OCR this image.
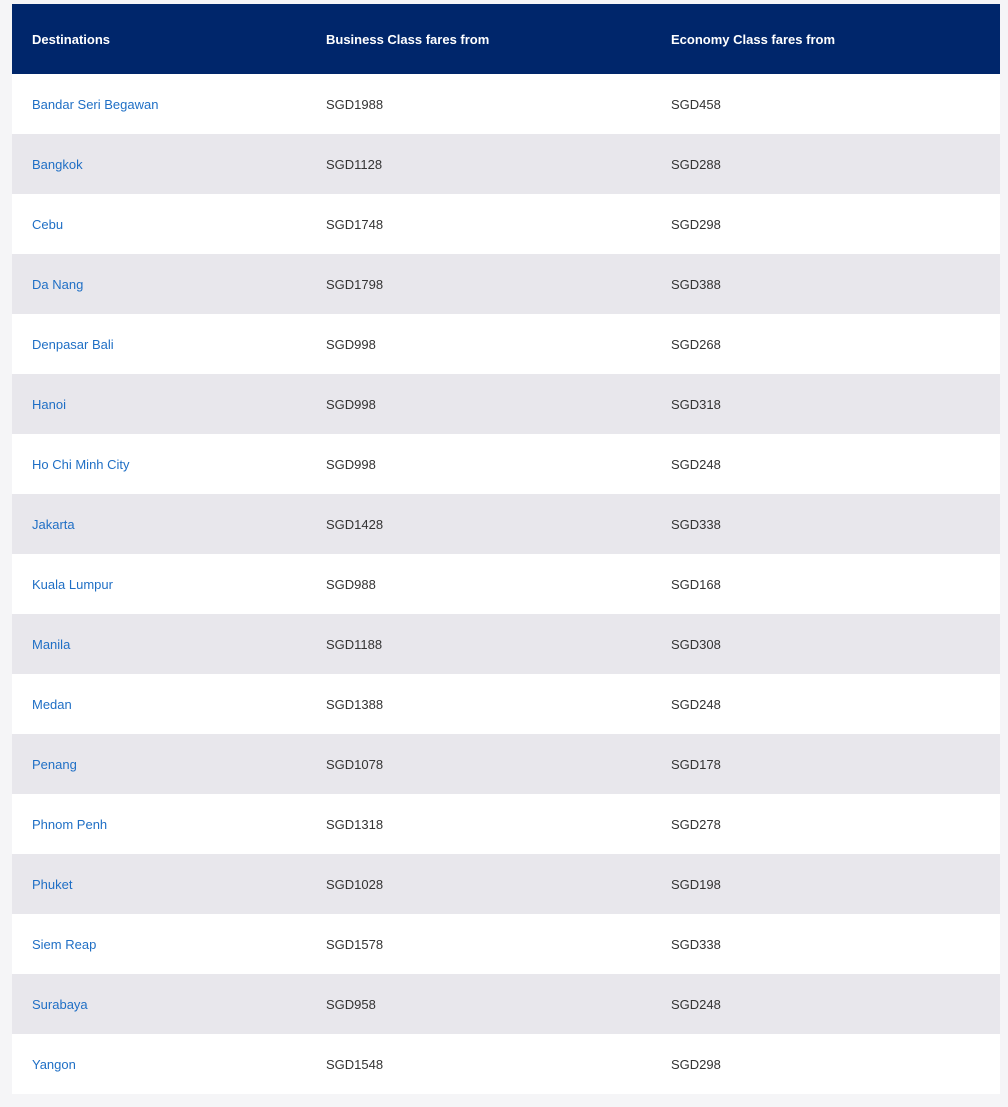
Destinations	Business Class fares from	Economy Class fares from
Bandar Seri Begawan	SGD1988	SGD458
Bangkok	SGD1128	SGD288
Cebu	SGD1748	SGD298
Da Nang	SGD1798	SGD388
Denpasar Bali	SGD998	SGD268
Hanoi	SGD998	SGD318
Ho Chi Minh City	SGD998	SGD248
Jakarta	SGD1428	SGD338
Kuala Lumpur	SGD988	SGD168
Manila	SGD1188	SGD308
Medan	SGD1388	SGD248
Penang	SGD1078	SGD178
Phnom Penh	SGD1318	SGD278
Phuket	SGD1028	SGD198
Siem Reap	SGD1578	SGD338
Surabaya	SGD958	SGD248
Yangon	SGD1548	SGD298
